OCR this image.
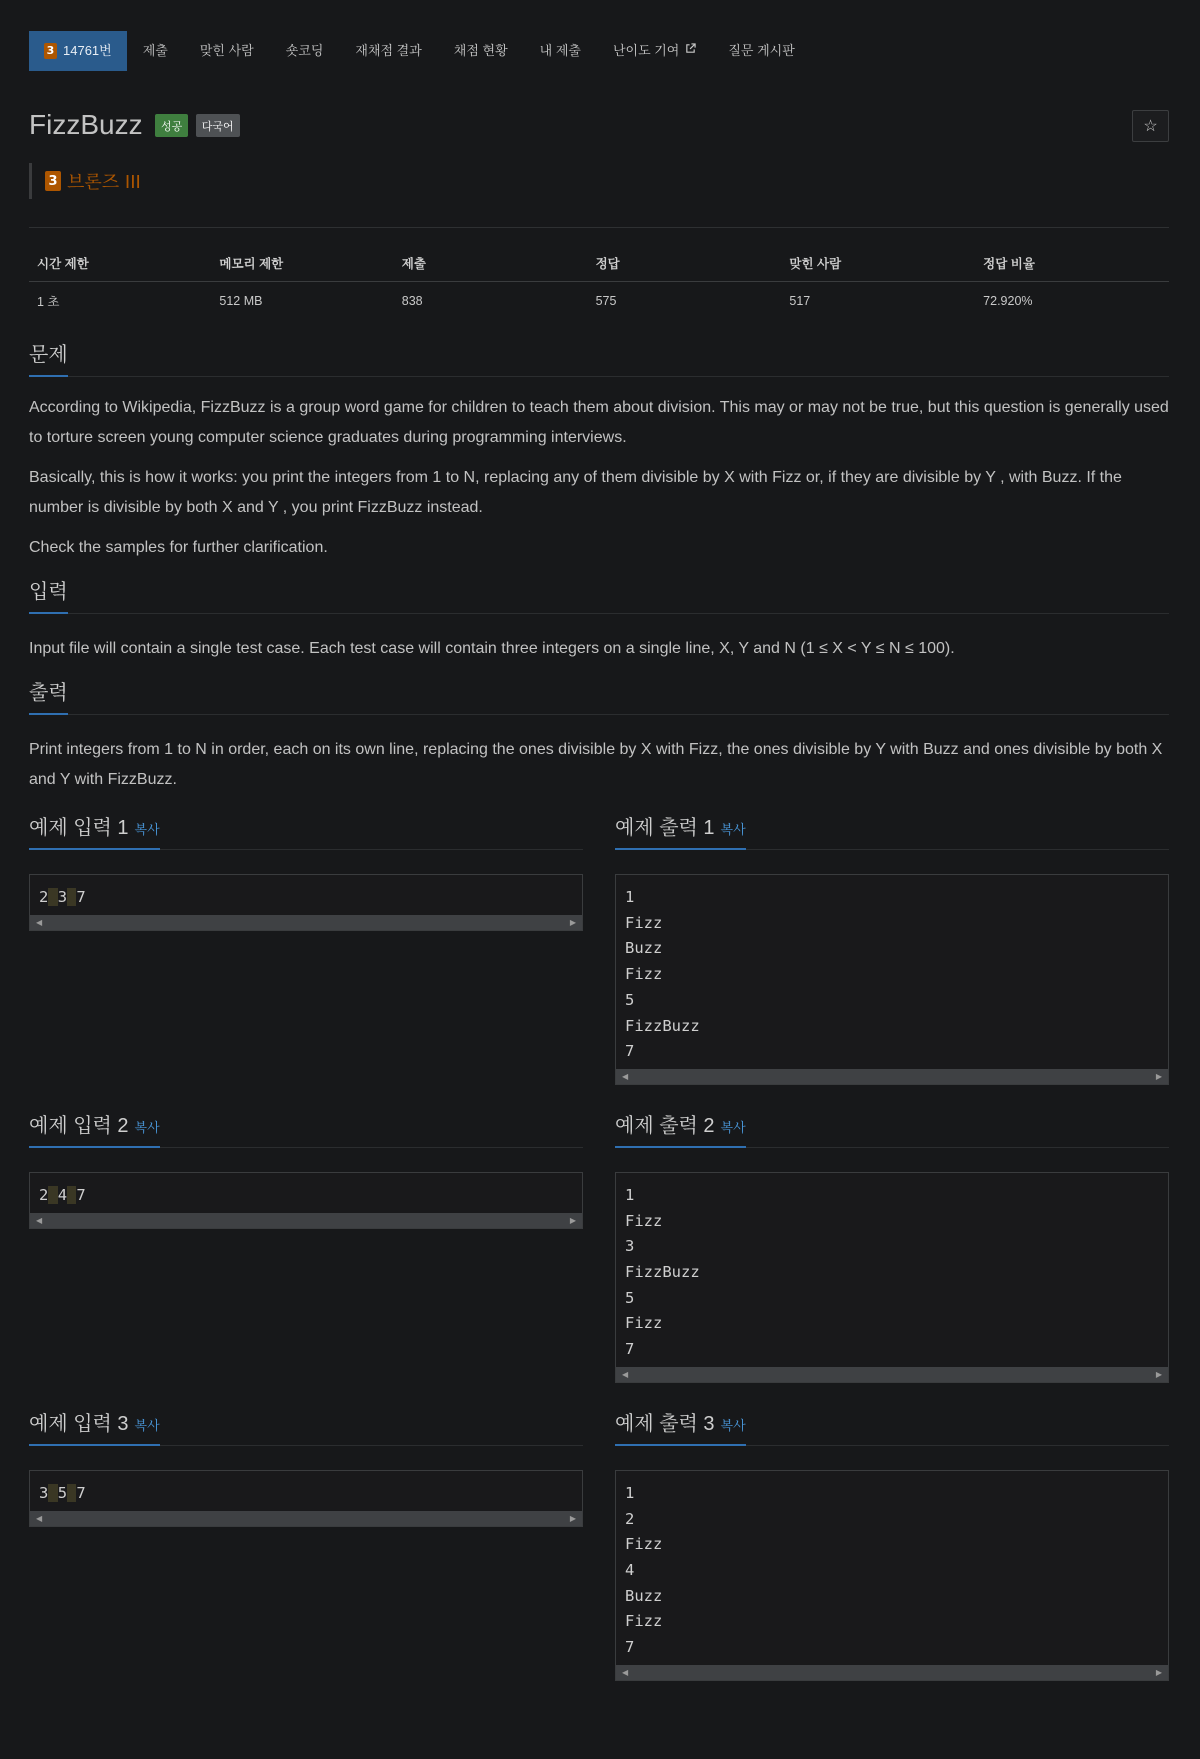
3 14761번	제출	맞힌 사람	숏코딩	재채점 결과	채점 현황	내 제출	난이도 기여	질문 게시판
FizzBuzz 성공 다국어	☆
3 브론즈 III
시간 제한	메모리 제한	제출	정답	맞힌 사람	정답 비율
1 초	512 MB	838	575	517	72.920%
문제

According to Wikipedia, FizzBuzz is a group word game for children to teach them about division. This may or may not be true, but this question is generally used to torture screen young computer science graduates during programming interviews.

Basically, this is how it works: you print the integers from 1 to N, replacing any of them divisible by X with Fizz or, if they are divisible by Y , with Buzz. If the number is divisible by both X and Y , you print FizzBuzz instead.

Check the samples for further clarification.

입력

Input file will contain a single test case. Each test case will contain three integers on a single line, X, Y and N (1 ≤ X < Y ≤ N ≤ 100).

출력

Print integers from 1 to N in order, each on its own line, replacing the ones divisible by X with Fizz, the ones divisible by Y with Buzz and ones divisible by both X and Y with FizzBuzz.

예제 입력 1 복사
2 3 7
◀	▶
예제 출력 1 복사
1
Fizz
Buzz
Fizz
5
FizzBuzz
7
◀	▶
예제 입력 2 복사
2 4 7
◀	▶
예제 출력 2 복사
1
Fizz
3
FizzBuzz
5
Fizz
7
◀	▶
예제 입력 3 복사
3 5 7
◀	▶
예제 출력 3 복사
1
2
Fizz
4
Buzz
Fizz
7
◀	▶
